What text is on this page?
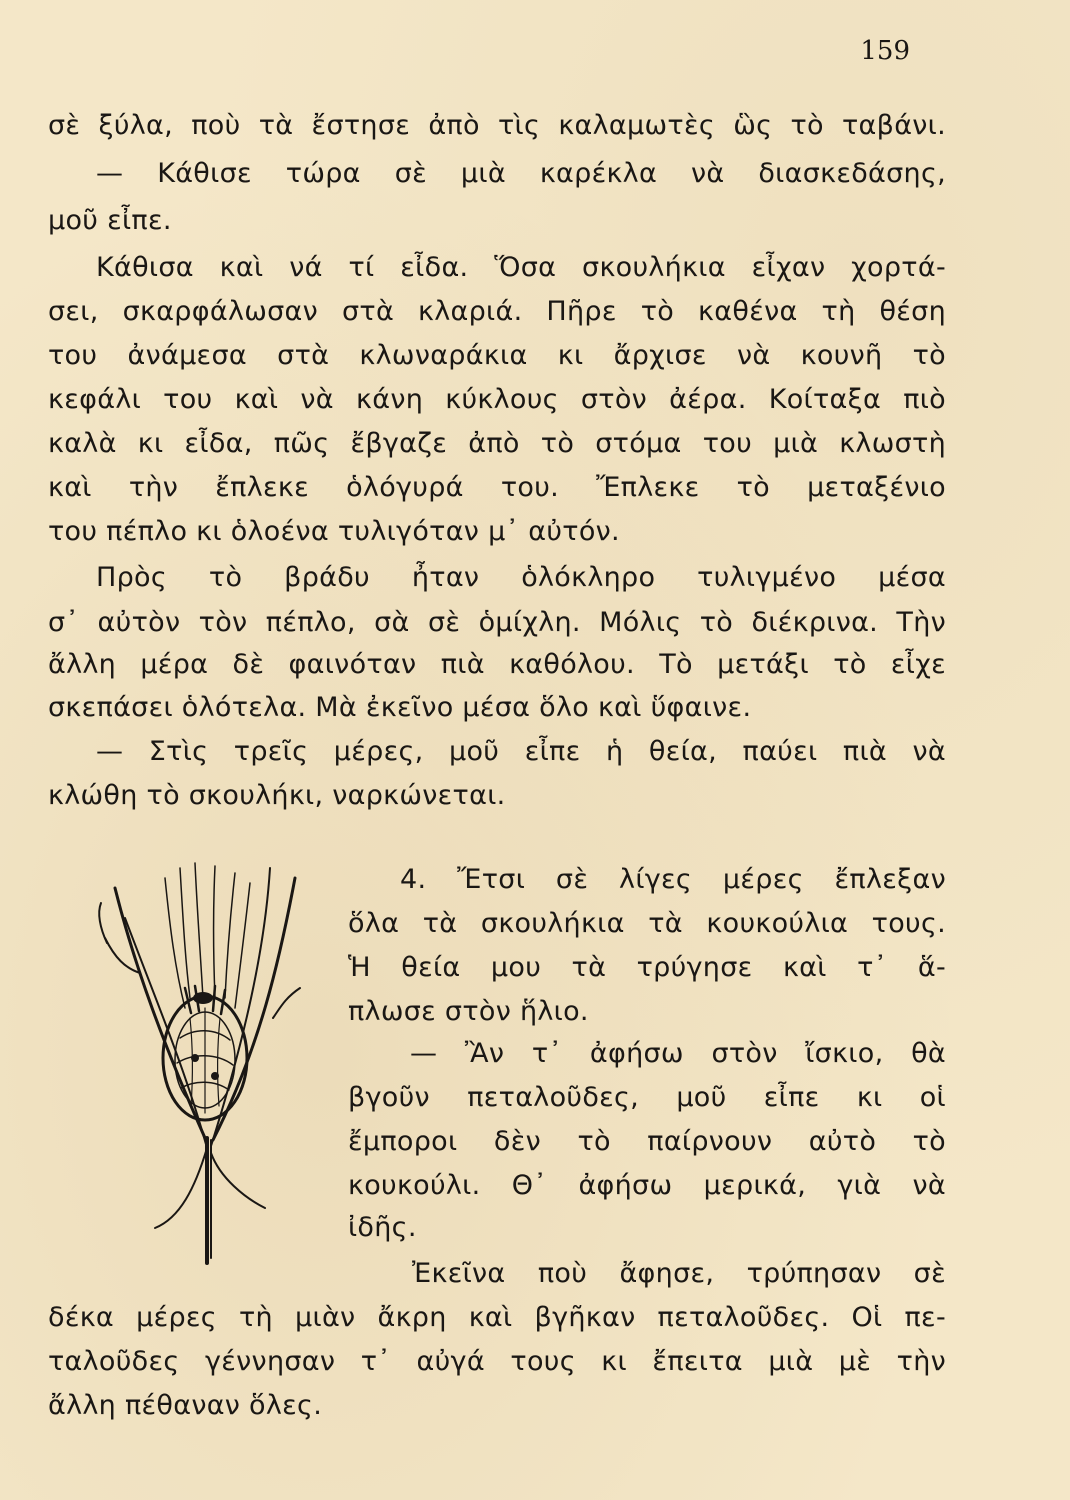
159
σὲ ξύλα, ποὺ τὰ ἔστησε ἀπὸ τὶς καλαμωτὲς ὣς τὸ ταβάνι.
— Κάθισε τώρα σὲ μιὰ καρέκλα νὰ διασκεδάσης,
μοῦ εἶπε.
Κάθισα καὶ νά τί εἶδα. Ὅσα σκουλήκια εἶχαν χορτά-
σει, σκαρφάλωσαν στὰ κλαριά. Πῆρε τὸ καθένα τὴ θέση
του ἀνάμεσα στὰ κλωναράκια κι ἄρχισε νὰ κουνῆ τὸ
κεφάλι του καὶ νὰ κάνη κύκλους στὸν ἀέρα. Κοίταξα πιὸ
καλὰ κι εἶδα, πῶς ἔβγαζε ἀπὸ τὸ στόμα του μιὰ κλωστὴ
καὶ τὴν ἔπλεκε ὁλόγυρά του. Ἔπλεκε τὸ μεταξένιο
του πέπλο κι ὁλοένα τυλιγόταν μ᾿ αὐτόν.
Πρὸς τὸ βράδυ ἦταν ὁλόκληρο τυλιγμένο μέσα
σ᾿ αὐτὸν τὸν πέπλο, σὰ σὲ ὁμίχλη. Μόλις τὸ διέκρινα. Τὴν
ἄλλη μέρα δὲ φαινόταν πιὰ καθόλου. Τὸ μετάξι τὸ εἶχε
σκεπάσει ὁλότελα. Μὰ ἐκεῖνο μέσα ὅλο καὶ ὕφαινε.
— Στὶς τρεῖς μέρες, μοῦ εἶπε ἡ θεία, παύει πιὰ νὰ
κλώθη τὸ σκουλήκι, ναρκώνεται.
4. Ἔτσι σὲ λίγες μέρες ἔπλεξαν
ὅλα τὰ σκουλήκια τὰ κουκούλια τους.
Ἡ θεία μου τὰ τρύγησε καὶ τ᾿ ἅ-
πλωσε στὸν ἥλιο.
— Ἂν τ᾿ ἀφήσω στὸν ἴσκιο, θὰ
βγοῦν πεταλοῦδες, μοῦ εἶπε κι οἱ
ἔμποροι δὲν τὸ παίρνουν αὐτὸ τὸ
κουκούλι. Θ᾿ ἀφήσω μερικά, γιὰ νὰ
ἰδῆς.
Ἐκεῖνα ποὺ ἄφησε, τρύπησαν σὲ
δέκα μέρες τὴ μιὰν ἄκρη καὶ βγῆκαν πεταλοῦδες. Οἱ πε-
ταλοῦδες γέννησαν τ᾿ αὐγά τους κι ἔπειτα μιὰ μὲ τὴν
ἄλλη πέθαναν ὅλες.
